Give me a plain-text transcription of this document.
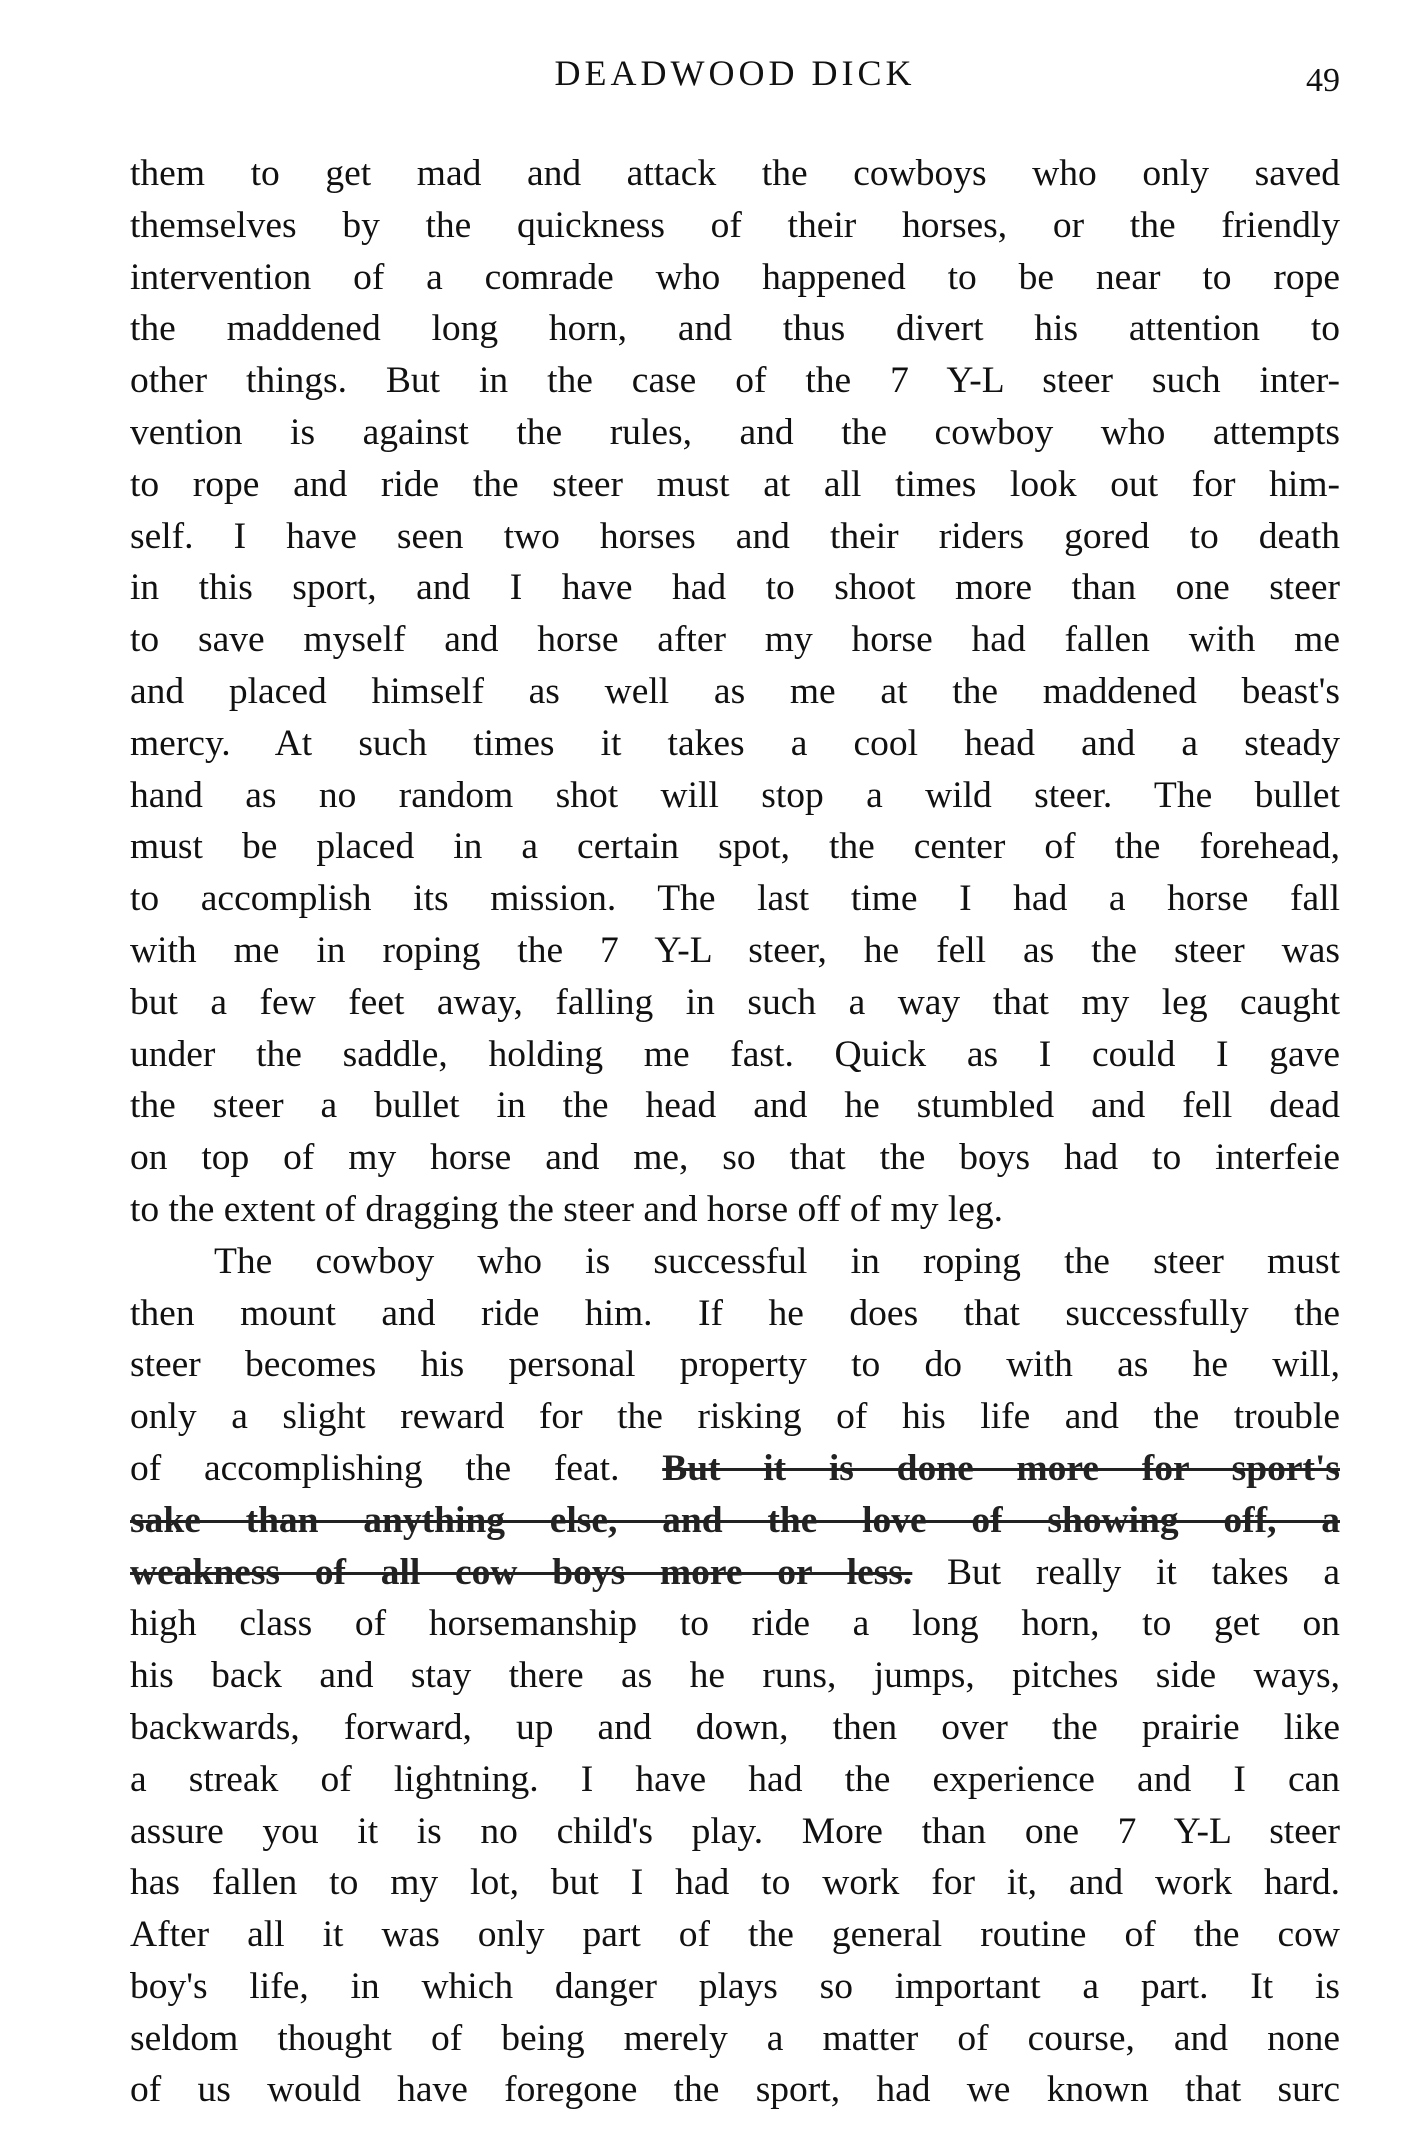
DEADWOOD DICK	49
them to get mad and attack the cowboys who only saved
themselves by the quickness of their horses, or the friendly
intervention of a comrade who happened to be near to rope
the maddened long horn, and thus divert his attention to
other things. But in the case of the 7 Y-L steer such inter-
vention is against the rules, and the cowboy who attempts
to rope and ride the steer must at all times look out for him-
self. I have seen two horses and their riders gored to death
in this sport, and I have had to shoot more than one steer
to save myself and horse after my horse had fallen with me
and placed himself as well as me at the maddened beast's
mercy. At such times it takes a cool head and a steady
hand as no random shot will stop a wild steer. The bullet
must be placed in a certain spot, the center of the forehead,
to accomplish its mission. The last time I had a horse fall
with me in roping the 7 Y-L steer, he fell as the steer was
but a few feet away, falling in such a way that my leg caught
under the saddle, holding me fast. Quick as I could I gave
the steer a bullet in the head and he stumbled and fell dead
on top of my horse and me, so that the boys had to interfeie
to the extent of dragging the steer and horse off of my leg.
The cowboy who is successful in roping the steer must
then mount and ride him. If he does that successfully the
steer becomes his personal property to do with as he will,
only a slight reward for the risking of his life and the trouble
of accomplishing the feat. But it is done more for sport's
sake than anything else, and the love of showing off, a
weakness of all cow boys more or less. But really it takes a
high class of horsemanship to ride a long horn, to get on
his back and stay there as he runs, jumps, pitches side ways,
backwards, forward, up and down, then over the prairie like
a streak of lightning. I have had the experience and I can
assure you it is no child's play. More than one 7 Y-L steer
has fallen to my lot, but I had to work for it, and work hard.
After all it was only part of the general routine of the cow
boy's life, in which danger plays so important a part. It is
seldom thought of being merely a matter of course, and none
of us would have foregone the sport, had we known that surc
